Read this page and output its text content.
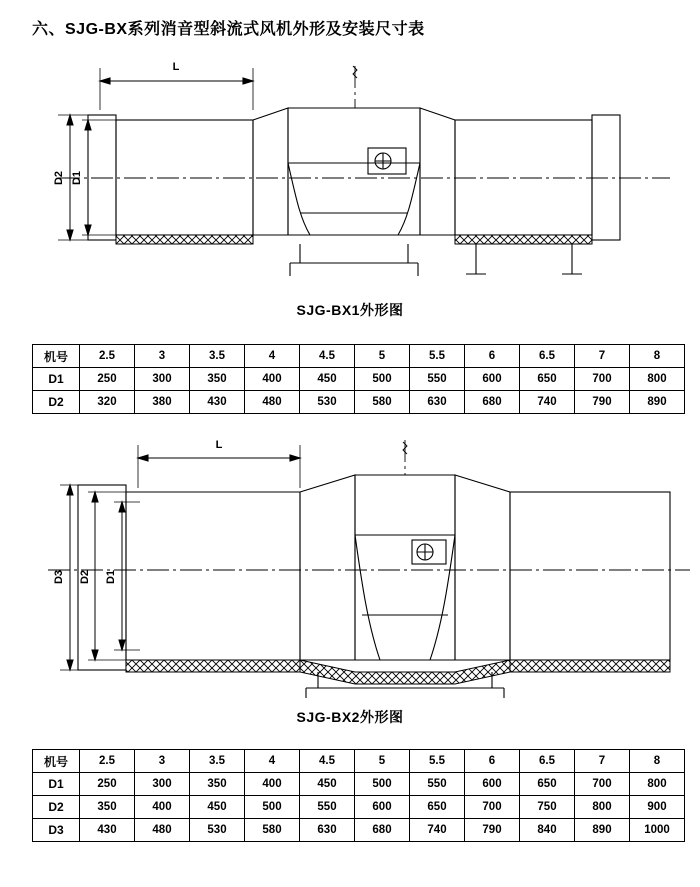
六、SJG-BX系列消音型斜流式风机外形及安装尺寸表
L
D2 D1
SJG-BX1外形图
机号	2.5	3	3.5	4	4.5	5	5.5	6	6.5	7	8
D1	250	300	350	400	450	500	550	600	650	700	800
D2	320	380	430	480	530	580	630	680	740	790	890
L
D3 D2 D1
SJG-BX2外形图
机号	2.5	3	3.5	4	4.5	5	5.5	6	6.5	7	8
D1	250	300	350	400	450	500	550	600	650	700	800
D2	350	400	450	500	550	600	650	700	750	800	900
D3	430	480	530	580	630	680	740	790	840	890	1000
